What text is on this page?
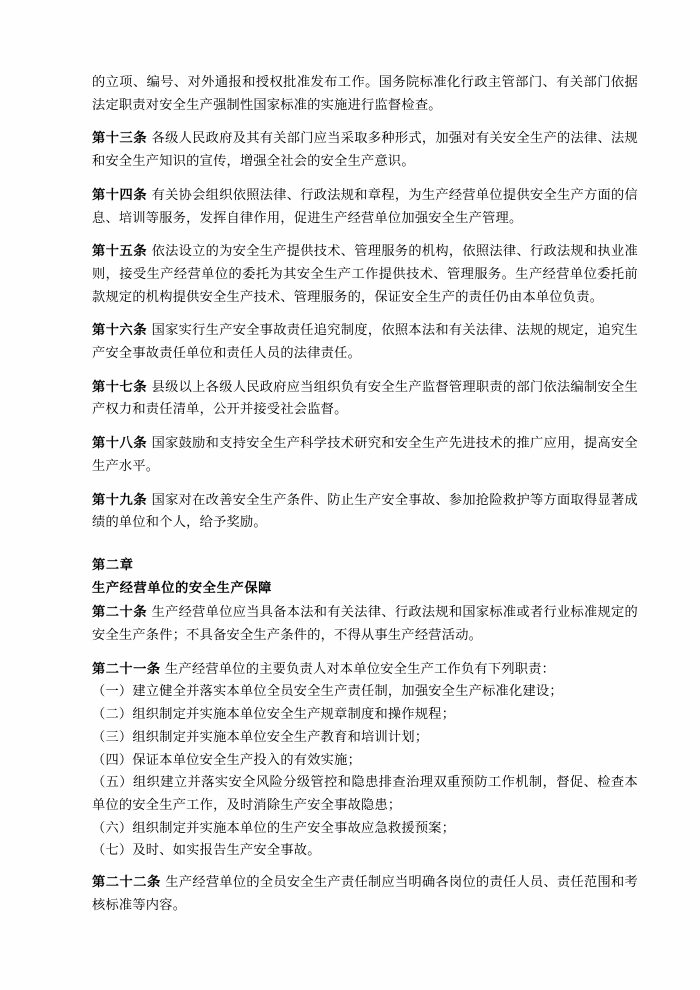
的立项、编号、对外通报和授权批准发布工作。国务院标准化行政主管部门、有关部门依据法定职责对安全生产强制性国家标准的实施进行监督检查。

第十三条 各级人民政府及其有关部门应当采取多种形式，加强对有关安全生产的法律、法规和安全生产知识的宣传，增强全社会的安全生产意识。

第十四条 有关协会组织依照法律、行政法规和章程，为生产经营单位提供安全生产方面的信息、培训等服务，发挥自律作用，促进生产经营单位加强安全生产管理。

第十五条 依法设立的为安全生产提供技术、管理服务的机构，依照法律、行政法规和执业准则，接受生产经营单位的委托为其安全生产工作提供技术、管理服务。生产经营单位委托前款规定的机构提供安全生产技术、管理服务的，保证安全生产的责任仍由本单位负责。

第十六条 国家实行生产安全事故责任追究制度，依照本法和有关法律、法规的规定，追究生产安全事故责任单位和责任人员的法律责任。

第十七条 县级以上各级人民政府应当组织负有安全生产监督管理职责的部门依法编制安全生产权力和责任清单，公开并接受社会监督。

第十八条 国家鼓励和支持安全生产科学技术研究和安全生产先进技术的推广应用，提高安全生产水平。

第十九条 国家对在改善安全生产条件、防止生产安全事故、参加抢险救护等方面取得显著成绩的单位和个人，给予奖励。

第二章

生产经营单位的安全生产保障

第二十条 生产经营单位应当具备本法和有关法律、行政法规和国家标准或者行业标准规定的安全生产条件；不具备安全生产条件的，不得从事生产经营活动。

第二十一条 生产经营单位的主要负责人对本单位安全生产工作负有下列职责：

（一）建立健全并落实本单位全员安全生产责任制，加强安全生产标准化建设；

（二）组织制定并实施本单位安全生产规章制度和操作规程；

（三）组织制定并实施本单位安全生产教育和培训计划；

（四）保证本单位安全生产投入的有效实施；

（五）组织建立并落实安全风险分级管控和隐患排查治理双重预防工作机制，督促、检查本单位的安全生产工作，及时消除生产安全事故隐患；

（六）组织制定并实施本单位的生产安全事故应急救援预案；

（七）及时、如实报告生产安全事故。

第二十二条 生产经营单位的全员安全生产责任制应当明确各岗位的责任人员、责任范围和考核标准等内容。
